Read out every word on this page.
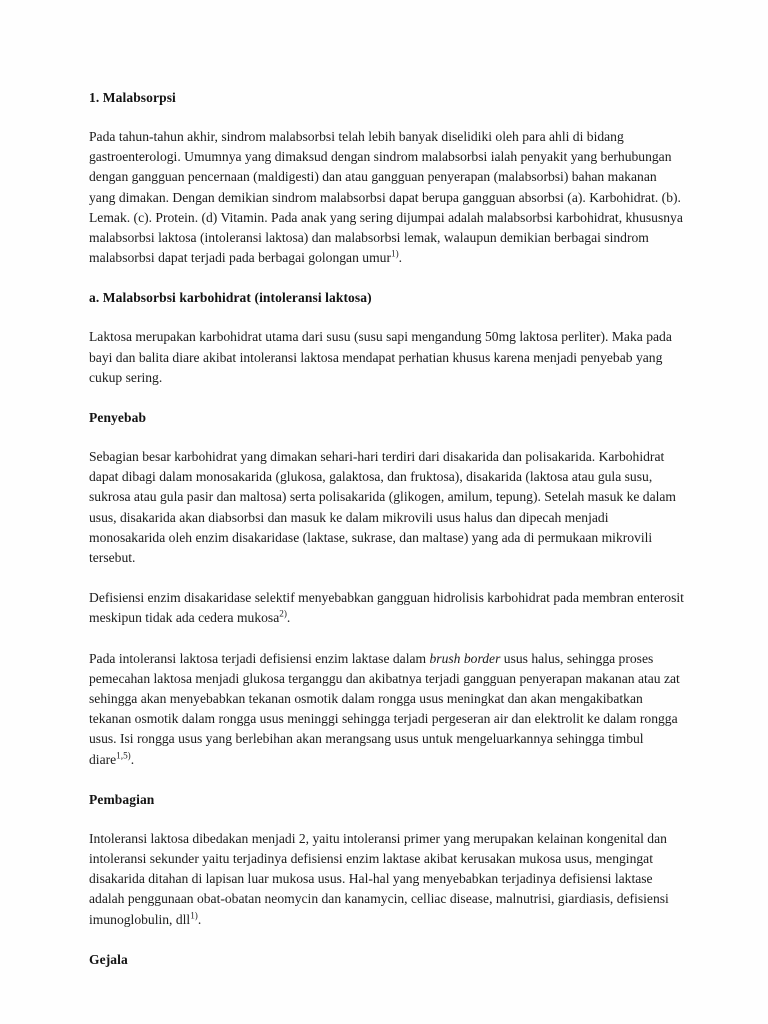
1. Malabsorpsi

Pada tahun-tahun akhir, sindrom malabsorbsi telah lebih banyak diselidiki oleh para ahli di bidang gastroenterologi. Umumnya yang dimaksud dengan sindrom malabsorbsi ialah penyakit yang berhubungan dengan gangguan pencernaan (maldigesti) dan atau gangguan penyerapan (malabsorbsi) bahan makanan yang dimakan. Dengan demikian sindrom malabsorbsi dapat berupa gangguan absorbsi (a). Karbohidrat. (b). Lemak. (c). Protein. (d) Vitamin. Pada anak yang sering dijumpai adalah malabsorbsi karbohidrat, khususnya malabsorbsi laktosa (intoleransi laktosa) dan malabsorbsi lemak, walaupun demikian berbagai sindrom malabsorbsi dapat terjadi pada berbagai golongan umur$^{1)}$.

a. Malabsorbsi karbohidrat (intoleransi laktosa)

Laktosa merupakan karbohidrat utama dari susu (susu sapi mengandung 50mg laktosa perliter). Maka pada bayi dan balita diare akibat intoleransi laktosa mendapat perhatian khusus karena menjadi penyebab yang cukup sering.

Penyebab

Sebagian besar karbohidrat yang dimakan sehari-hari terdiri dari disakarida dan polisakarida. Karbohidrat dapat dibagi dalam monosakarida (glukosa, galaktosa, dan fruktosa), disakarida (laktosa atau gula susu, sukrosa atau gula pasir dan maltosa) serta polisakarida (glikogen, amilum, tepung). Setelah masuk ke dalam usus, disakarida akan diabsorbsi dan masuk ke dalam mikrovili usus halus dan dipecah menjadi monosakarida oleh enzim disakaridase (laktase, sukrase, dan maltase) yang ada di permukaan mikrovili tersebut.

Defisiensi enzim disakaridase selektif menyebabkan gangguan hidrolisis karbohidrat pada membran enterosit meskipun tidak ada cedera mukosa$^{2)}$.

Pada intoleransi laktosa terjadi defisiensi enzim laktase dalam brush border usus halus, sehingga proses pemecahan laktosa menjadi glukosa terganggu dan akibatnya terjadi gangguan penyerapan makanan atau zat sehingga akan menyebabkan tekanan osmotik dalam rongga usus meningkat dan akan mengakibatkan tekanan osmotik dalam rongga usus meninggi sehingga terjadi pergeseran air dan elektrolit ke dalam rongga usus. Isi rongga usus yang berlebihan akan merangsang usus untuk mengeluarkannya sehingga timbul diare$^{1,5)}$.

Pembagian

Intoleransi laktosa dibedakan menjadi 2, yaitu intoleransi primer yang merupakan kelainan kongenital dan intoleransi sekunder yaitu terjadinya defisiensi enzim laktase akibat kerusakan mukosa usus, mengingat disakarida ditahan di lapisan luar mukosa usus. Hal-hal yang menyebabkan terjadinya defisiensi laktase adalah penggunaan obat-obatan neomycin dan kanamycin, celliac disease, malnutrisi, giardiasis, defisiensi imunoglobulin, dll$^{1)}$.

Gejala
